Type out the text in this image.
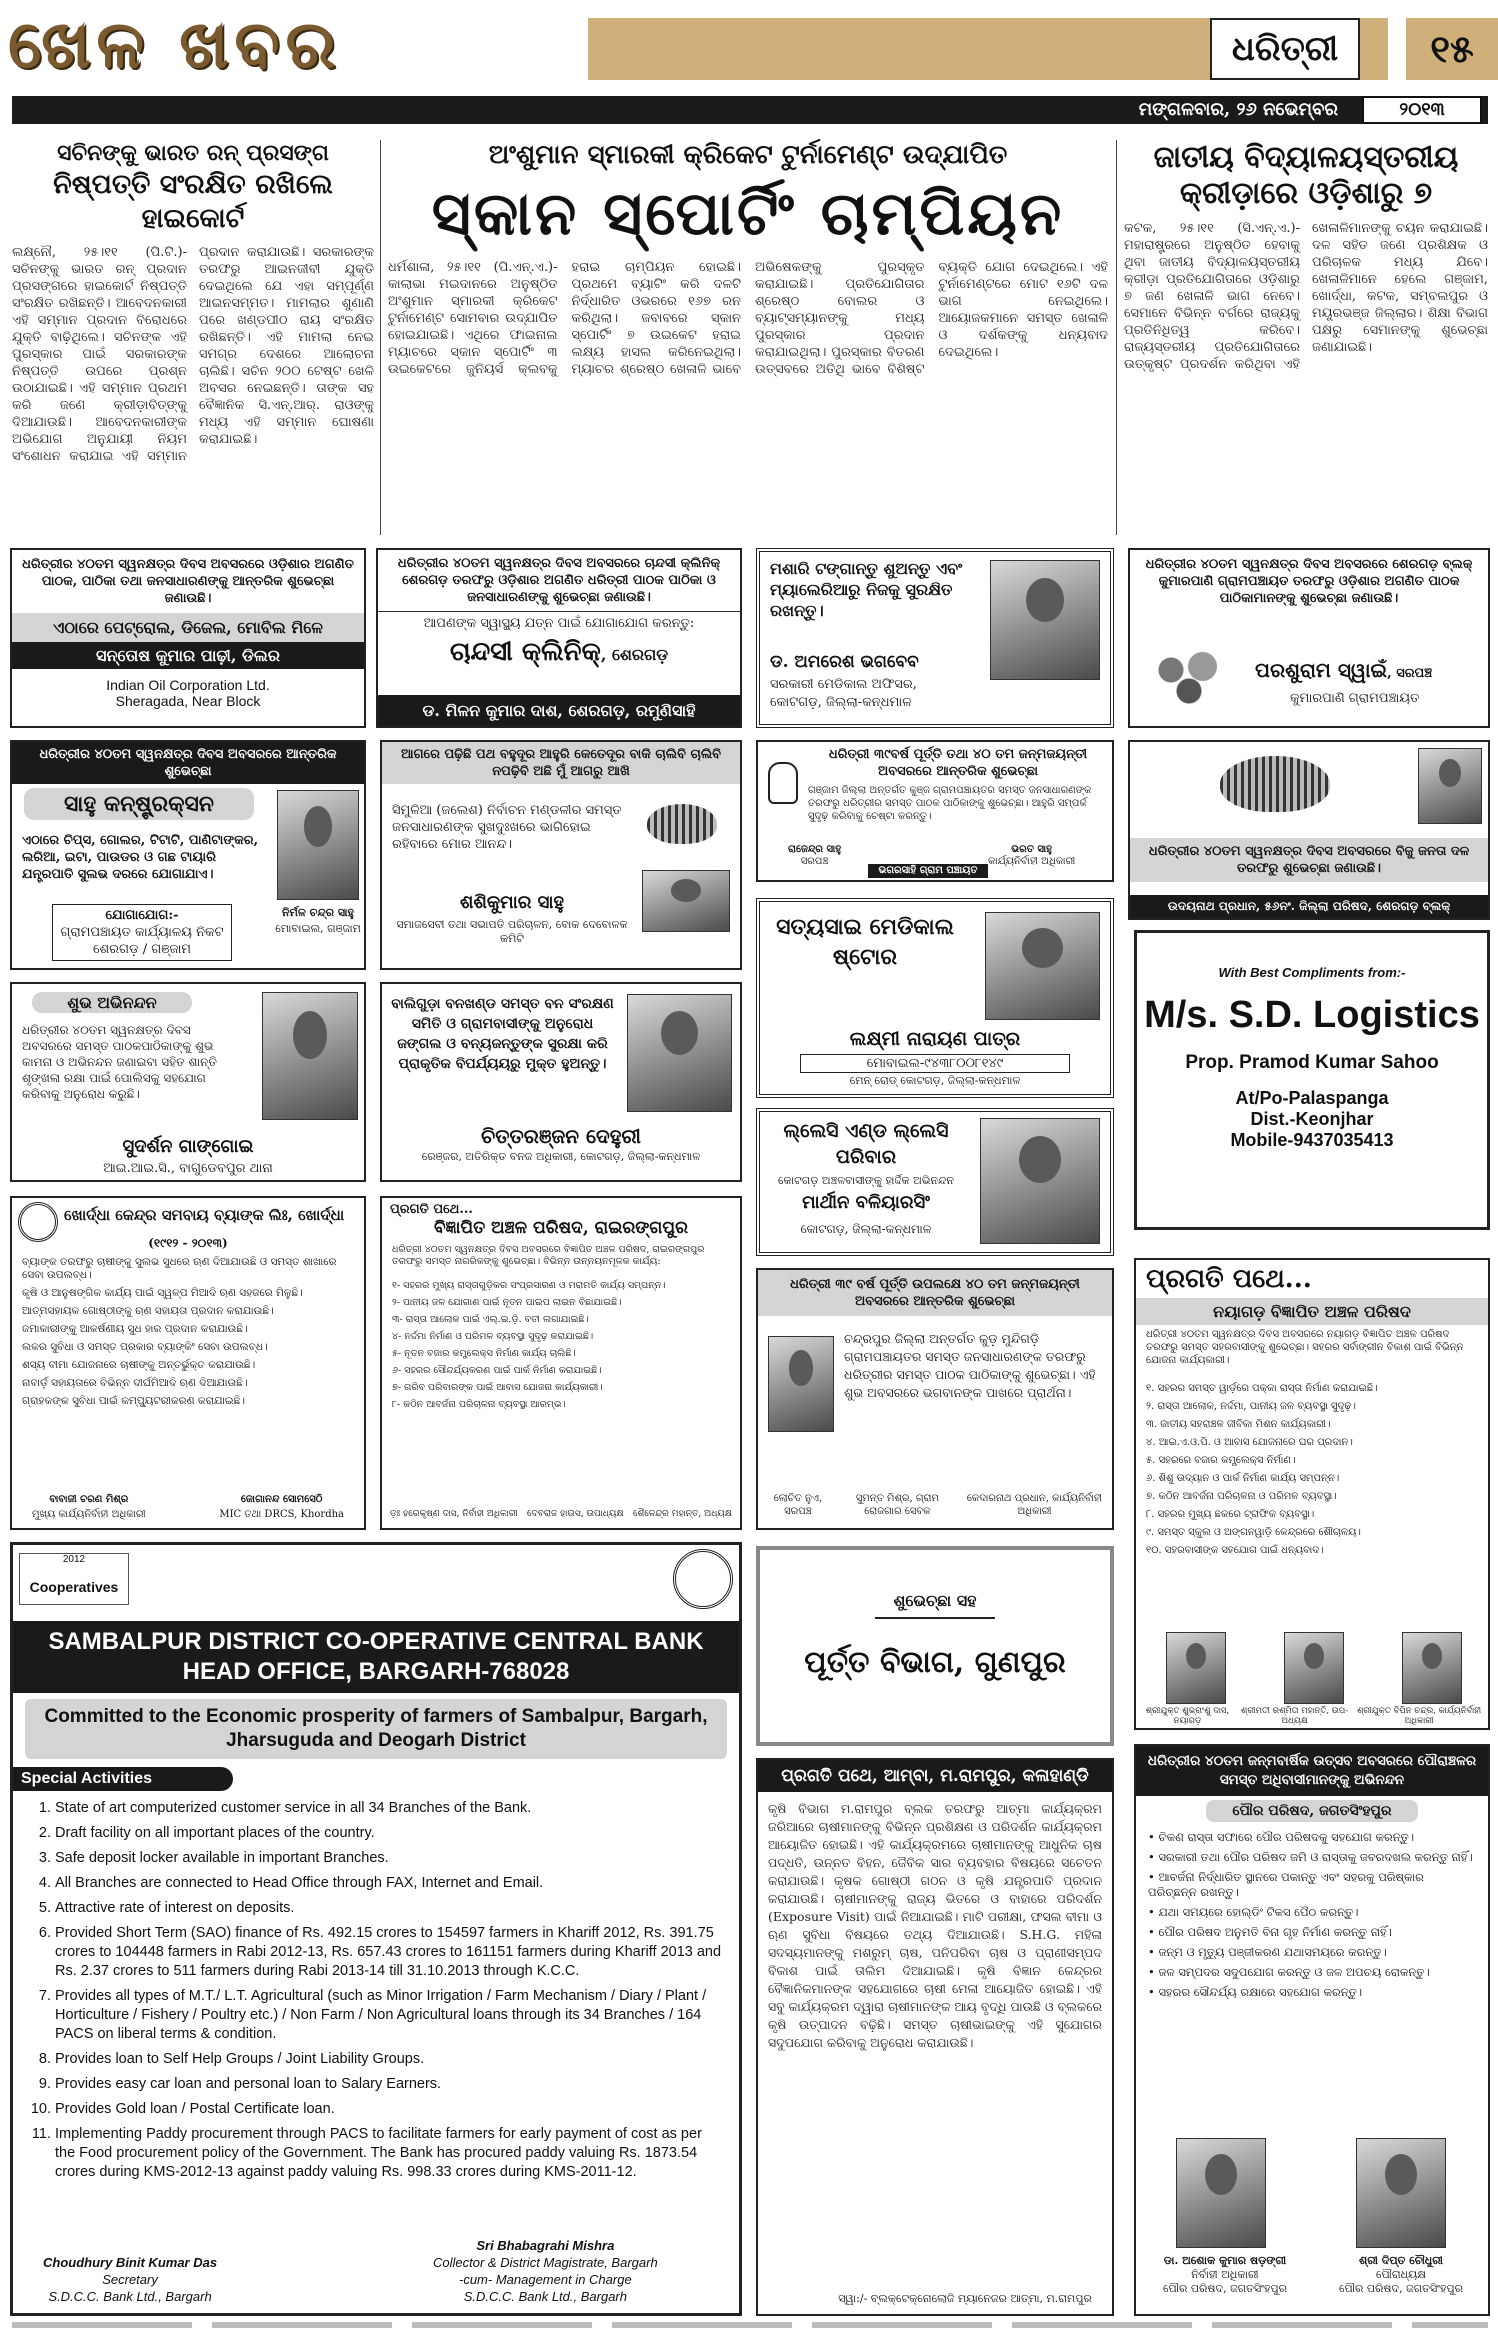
ଖେଳ ଖବର	ଧରିତ୍ରୀ	୧୫
ମଙ୍ଗଳବାର, ୨୬ ନଭେମ୍ବର	୨୦୧୩
ସଚିନଙ୍କୁ ଭାରତ ରନ୍ ପ୍ରସଙ୍ଗ
ନିଷ୍ପତ୍ତି ସଂରକ୍ଷିତ ରଖିଲେ ହାଇକୋର୍ଟ
ଲକ୍ଷ୍ନୌ, ୨୫।୧୧ (ପି.ଟି.)- ସଚିନଙ୍କୁ ଭାରତ ରନ୍ ପ୍ରଦାନ ପ୍ରସଙ୍ଗରେ ହାଇକୋର୍ଟ ନିଷ୍ପତ୍ତି ସଂରକ୍ଷିତ ରଖିଛନ୍ତି। ଆବେଦନକାରୀ ଏହି ସମ୍ମାନ ପ୍ରଦାନ ବିରୋଧରେ ଯୁକ୍ତି ବାଢ଼ିଥିଲେ। ସଚିନଙ୍କ ଏହି ପୁରସ୍କାର ପାଇଁ ସରକାରଙ୍କ ନିଷ୍ପତ୍ତି ଉପରେ ପ୍ରଶ୍ନ ଉଠାଯାଇଛି। ଏହି ସମ୍ମାନ ପ୍ରଥମ କରି ଜଣେ କ୍ରୀଡ଼ାବିତ୍‌ଙ୍କୁ ଦିଆଯାଉଛି। ଆବେଦନକାରୀଙ୍କ ଅଭିଯୋଗ ଅନୁଯାୟୀ ନିୟମ ସଂଶୋଧନ କରାଯାଇ ଏହି ସମ୍ମାନ ପ୍ରଦାନ କରାଯାଉଛି। ସରକାରଙ୍କ ତରଫରୁ ଆଇନଜୀବୀ ଯୁକ୍ତି ଦେଇଥିଲେ ଯେ ଏହା ସମ୍ପୂର୍ଣ୍ଣ ଆଇନସମ୍ମତ। ମାମଲାର ଶୁଣାଣି ପରେ ଖଣ୍ଡପୀଠ ରାୟ ସଂରକ୍ଷିତ ରଖିଛନ୍ତି। ଏହି ମାମଲା ନେଇ ସମଗ୍ର ଦେଶରେ ଆଲୋଚନା ଚାଲିଛି। ସଚିନ ୨୦୦ ଟେଷ୍ଟ ଖେଳି ଅବସର ନେଇଛନ୍ତି। ତାଙ୍କ ସହ ବୈଜ୍ଞାନିକ ସି.ଏନ୍.ଆର୍. ରାଓଙ୍କୁ ମଧ୍ୟ ଏହି ସମ୍ମାନ ଘୋଷଣା କରାଯାଇଛି।
ଅଂଶୁମାନ ସ୍ମାରକୀ କ୍ରିକେଟ ଟୁର୍ନାମେଣ୍ଟ ଉଦ୍‌ଯାପିତ
ସ୍କାନ ସ୍ପୋର୍ଟିଂ ଚାମ୍ପିୟନ
ଧର୍ମଶାଳା, ୨୫।୧୧ (ପି.ଏନ୍.ଏ.)- କାଲାଭା ମଇଦାନରେ ଅନୁଷ୍ଠିତ ଅଂଶୁମାନ ସ୍ମାରକୀ କ୍ରିକେଟ ଟୁର୍ନାମେଣ୍ଟ ସୋମବାର ଉଦ୍‌ଯାପିତ ହୋଇଯାଇଛି। ଏଥିରେ ଫାଇନାଲ ମ୍ୟାଚରେ ସ୍କାନ ସ୍ପୋର୍ଟିଂ ୩ ଉଇକେଟରେ ଜୁନିୟର୍ସ କ୍ଲବକୁ ହରାଇ ଚାମ୍ପିୟନ ହୋଇଛି। ପ୍ରଥମେ ବ୍ୟାଟିଂ କରି ଦଳଟି ନିର୍ଦ୍ଧାରିତ ଓଭରରେ ୧୬୭ ରନ କରିଥିଲା। ଜବାବରେ ସ୍କାନ ସ୍ପୋର୍ଟିଂ ୭ ଉଇକେଟ ହରାଇ ଲକ୍ଷ୍ୟ ହାସଲ କରିନେଇଥିଲା। ମ୍ୟାଚର ଶ୍ରେଷ୍ଠ ଖେଳାଳି ଭାବେ ଅଭିଷେକଙ୍କୁ ପୁରସ୍କୃତ କରାଯାଇଛି। ପ୍ରତିଯୋଗିତାର ଶ୍ରେଷ୍ଠ ବୋଲର ଓ ବ୍ୟାଟ୍ସମ୍ୟାନଙ୍କୁ ମଧ୍ୟ ପୁରସ୍କାର ପ୍ରଦାନ କରାଯାଇଥିଲା। ପୁରସ୍କାର ବିତରଣ ଉତ୍ସବରେ ଅତିଥି ଭାବେ ବିଶିଷ୍ଟ ବ୍ୟକ୍ତି ଯୋଗ ଦେଇଥିଲେ। ଏହି ଟୁର୍ନାମେଣ୍ଟରେ ମୋଟ ୧୬ଟି ଦଳ ଭାଗ ନେଇଥିଲେ। ଆୟୋଜକମାନେ ସମସ୍ତ ଖେଳାଳି ଓ ଦର୍ଶକଙ୍କୁ ଧନ୍ୟବାଦ ଦେଇଥିଲେ।
ଜାତୀୟ ବିଦ୍ୟାଳୟସ୍ତରୀୟ
କ୍ରୀଡ଼ାରେ ଓଡ଼ିଶାରୁ ୭
କଟକ, ୨୫।୧୧ (ସି.ଏନ୍.ଏ.)- ମହାରାଷ୍ଟ୍ରରେ ଅନୁଷ୍ଠିତ ହେବାକୁ ଥିବା ଜାତୀୟ ବିଦ୍ୟାଳୟସ୍ତରୀୟ କ୍ରୀଡ଼ା ପ୍ରତିଯୋଗିତାରେ ଓଡ଼ିଶାରୁ ୭ ଜଣ ଖେଳାଳି ଭାଗ ନେବେ। ସେମାନେ ବିଭିନ୍ନ ବର୍ଗରେ ରାଜ୍ୟକୁ ପ୍ରତିନିଧିତ୍ୱ କରିବେ। ରାଜ୍ୟସ୍ତରୀୟ ପ୍ରତିଯୋଗିତାରେ ଉତ୍କୃଷ୍ଟ ପ୍ରଦର୍ଶନ କରିଥିବା ଏହି ଖେଳାଳିମାନଙ୍କୁ ଚୟନ କରାଯାଇଛି। ଦଳ ସହିତ ଜଣେ ପ୍ରଶିକ୍ଷକ ଓ ପରିଚାଳକ ମଧ୍ୟ ଯିବେ। ଖେଳାଳିମାନେ ହେଲେ ଗଞ୍ଜାମ, ଖୋର୍ଦ୍ଧା, କଟକ, ସମ୍ବଲପୁର ଓ ମୟୂରଭଞ୍ଜ ଜିଲ୍ଲାର। ଶିକ୍ଷା ବିଭାଗ ପକ୍ଷରୁ ସେମାନଙ୍କୁ ଶୁଭେଚ୍ଛା ଜଣାଯାଇଛି।
ଧରିତ୍ରୀର ୪୦ତମ ସ୍ୱନକ୍ଷତ୍ର ଦିବସ ଅବସରରେ ଓଡ଼ିଶାର ଅଗଣିତ ପାଠକ, ପାଠିକା ତଥା ଜନସାଧାରଣଙ୍କୁ ଆନ୍ତରିକ ଶୁଭେଚ୍ଛା ଜଣାଉଛି।
ଏଠାରେ ପେଟ୍ରୋଲ, ଡିଜେଲ, ମୋବିଲ ମିଳେ
ସନ୍ତୋଷ କୁମାର ପାଢ଼ୀ, ଡିଲର
Indian Oil Corporation Ltd.
Sheragada, Near Block
ଧରିତ୍ରୀର ୪୦ତମ ସ୍ୱନକ୍ଷତ୍ର ଦିବସ ଅବସରରେ ଚାନ୍ଦସୀ କ୍ଲିନିକ୍ ଶେରଗଡ଼ ତରଫରୁ ଓଡ଼ିଶାର ଅଗଣିତ ଧରିତ୍ରୀ ପାଠକ ପାଠିକା ଓ ଜନସାଧାରଣଙ୍କୁ ଶୁଭେଚ୍ଛା ଜଣାଉଛି।
ଆପଣଙ୍କ ସ୍ୱାସ୍ଥ୍ୟ ଯତ୍ନ ପାଇଁ ଯୋଗାଯୋଗ କରନ୍ତୁ:
ଚାନ୍ଦସୀ କ୍ଲିନିକ୍, ଶେରଗଡ଼
ଡ. ମିଳନ କୁମାର ଦାଶ, ଶେରଗଡ଼, ରମୁଣିସାହି
ମଶାରି ଟଙ୍ଗାନ୍ତୁ ଶୁଅନ୍ତୁ ଏବଂ ମ୍ୟାଲେରିଆରୁ ନିଜକୁ ସୁରକ୍ଷିତ ରଖନ୍ତୁ।
ଡ. ଅମରେଶ ଭଗବେବ
ସରକାରୀ ମେଡିକାଲ ଅଫିସର,
କୋଟଗଡ଼, ଜିଲ୍ଲା-କନ୍ଧମାଳ
ଧରିତ୍ରୀର ୪୦ତମ ସ୍ୱନକ୍ଷତ୍ର ଦିବସ ଅବସରରେ ଶେରଗଡ଼ ବ୍ଲକ୍ କୁମାରପାଣି ଗ୍ରାମପଞ୍ଚାୟତ ତରଫରୁ ଓଡ଼ିଶାର ଅଗଣିତ ପାଠକ ପାଠିକାମାନଙ୍କୁ ଶୁଭେଚ୍ଛା ଜଣାଉଛି।
ପରଶୁରାମ ସ୍ୱାଇଁ, ସରପଞ୍ଚ
କୁମାରପାଣି ଗ୍ରାମପଞ୍ଚାୟତ
ଧରିତ୍ରୀର ୪୦ତମ ସ୍ୱନକ୍ଷତ୍ର ଦିବସ ଅବସରରେ ଆନ୍ତରିକ ଶୁଭେଚ୍ଛା
ସାହୁ କନ୍‌ଷ୍ଟ୍ରକ୍‌ସନ
ଏଠାରେ ଚିପ୍‌ସ, ଗୋଲର, ଟିଟାଟି, ପାଣିଟାଙ୍କର, ଲରିଆ, ଇଟା, ପାଉଡର ଓ ଗଛ ଟାୟାରି ଯନ୍ତ୍ରପାତି ସୁଲଭ ଦରରେ ଯୋଗାଯାଏ।
ଯୋଗାଯୋଗ:-
ଗ୍ରାମପଞ୍ଚାୟତ କାର୍ଯ୍ୟାଳୟ ନିକଟ ଶେରଗଡ଼ / ଗଞ୍ଜାମ
ନିର୍ମଳ ଚନ୍ଦ୍ର ସାହୁ
ମୋବାଇଲ, ଗଞ୍ଜାମ
ଆଗରେ ପଢ଼ିଛି ପଥ ବହୁଦୂର ଆହୁରି କେତେଦୂର ବାକି ଚାଲିବି ଚାଲିବି ନପଢ଼ିବି ଅଛି ମୁଁ ଆଗରୁ ଆଖି
ସିମୁଳିଆ (ଜଲେଶ) ନିର୍ବାଚନ ମଣ୍ଡଳୀର ସମସ୍ତ ଜନସାଧାରଣଙ୍କ ସୁଖଦୁଃଖରେ ଭାଗିହୋଇ ରହିବାରେ ମୋର ଆନନ୍ଦ।
ଶଶିକୁମାର ସାହୁ
ସମାଜସେବୀ ତଥା ସଭାପତି ପରିଚାଳନ, ବୋକ ଦେବୋଳକ କମିଟି
ଧରିତ୍ରୀ ୩୯ବର୍ଷ ପୂର୍ତ୍ତି ତଥା ୪୦ ତମ ଜନ୍ମଜୟନ୍ତୀ ଅବସରରେ ଆନ୍ତରିକ ଶୁଭେଚ୍ଛା
ଗଞ୍ଜାମ ଜିଲ୍ଲା ଅନ୍ତର୍ଗତ କୁଞ୍ଜ ଗ୍ରାମପଞ୍ଚାୟତର ସମସ୍ତ ଜନସାଧାରଣଙ୍କ ତରଫରୁ ଧରିତ୍ରୀର ସମସ୍ତ ପାଠକ ପାଠିକାଙ୍କୁ ଶୁଭେଚ୍ଛା। ଆହୁରି ସମ୍ପର୍କ ସୁଦୃଢ଼ କରିବାକୁ ଚେଷ୍ଟା କରନ୍ତୁ।
ରାଜେନ୍ଦ୍ର ସାହୁ
ସରପଞ୍ଚ
ଭରତ ସାହୁ
କାର୍ଯ୍ୟନିର୍ବାହୀ ଅଧିକାରୀ
ଭଗରସାହି ଗ୍ରାମ ପଞ୍ଚାୟତ
ଧରିତ୍ରୀର ୪୦ତମ ସ୍ୱନକ୍ଷତ୍ର ଦିବସ ଅବସରରେ ବିଜୁ ଜନତା ଦଳ ତରଫରୁ ଶୁଭେଚ୍ଛା ଜଣାଉଛି।
ଉଦୟନାଥ ପ୍ରଧାନ, ୫୬ନଂ. ଜିଲ୍ଲା ପରିଷଦ, ଶେରଗଡ଼ ବ୍ଲକ୍
ସତ୍ୟସାଇ ମେଡିକାଲ ଷ୍ଟୋର
ଲକ୍ଷ୍ମୀ ନାରାୟଣ ପାତ୍ର
ମୋବାଇଲ-୯୪୩୮୦୦୮୧୪୯
ମେନ୍ ରୋଡ୍ କୋଟଗଡ଼, ଜିଲ୍ଲା-କନ୍ଧମାଳ
With Best Compliments from:-
M/s. S.D. Logistics
Prop. Pramod Kumar Sahoo
At/Po-Palaspanga
Dist.-Keonjhar
Mobile-9437035413
ଶୁଭ ଅଭିନନ୍ଦନ
ଧରିତ୍ରୀର ୪୦ତମ ସ୍ୱନକ୍ଷତ୍ର ଦିବସ ଅବସରରେ ସମସ୍ତ ପାଠକପାଠିକାଙ୍କୁ ଶୁଭ କାମନା ଓ ଅଭିନନ୍ଦନ ଜଣାଇବା ସହିତ ଶାନ୍ତି ଶୃଙ୍ଖଳା ରକ୍ଷା ପାଇଁ ପୋଲିସକୁ ସହଯୋଗ କରିବାକୁ ଅନୁରୋଧ କରୁଛି।
ସୁଦର୍ଶନ ଗାଙ୍ଗୋଇ
ଆଇ.ଆଇ.ସି., ବାଗୁଡେବପୁର ଥାନା
ବାଲିଗୁଡ଼ା ବନଖଣ୍ଡ ସମସ୍ତ ବନ ସଂରକ୍ଷଣ ସମିତି ଓ ଗ୍ରାମବାସୀଙ୍କୁ ଅନୁରୋଧ ଜଙ୍ଗଲ ଓ ବନ୍ୟଜନ୍ତୁଙ୍କ ସୁରକ୍ଷା କରି ପ୍ରାକୃତିକ ବିପର୍ଯ୍ୟୟରୁ ମୁକ୍ତ ହୁଅନ୍ତୁ।
ଚିତ୍ତରଞ୍ଜନ ଦେହୁରୀ
ରେଞ୍ଜର, ଅତିରିକ୍ତ ବନଜ ଅଧିକାରୀ, କୋଟଗଡ଼, ଜିଲ୍ଲା-କନ୍ଧମାଳ
ଲ୍ଲେସି ଏଣ୍ଡ ଲ୍ଲେସି ପରିବାର
କୋଟଗଡ଼ ଅଞ୍ଚଳବାସୀଙ୍କୁ ହାର୍ଦ୍ଦିକ ଅଭିନନ୍ଦନ
ମାର୍ଥୀନ ବଳିୟାରସିଂ
କୋଟଗଡ଼, ଜିଲ୍ଲା-କନ୍ଧମାଳ
ଖୋର୍ଦ୍ଧା କେନ୍ଦ୍ର ସମବାୟ ବ୍ୟାଙ୍କ ଲିଃ, ଖୋର୍ଦ୍ଧା
(୧୯୧୨ - ୨୦୧୩)
ବ୍ୟାଙ୍କ ତରଫରୁ ଚାଷୀଙ୍କୁ ସୁଲଭ ସୁଧରେ ଋଣ ଦିଆଯାଉଛି ଓ ସମସ୍ତ ଶାଖାରେ ସେବା ଉପଲବ୍ଧ।
କୃଷି ଓ ଆନୁଷଙ୍ଗିକ କାର୍ଯ୍ୟ ପାଇଁ ସ୍ୱଳ୍ପ ମିଆଦି ଋଣ ସହଜରେ ମିଳୁଛି।
ଆତ୍ମସହାୟକ ଗୋଷ୍ଠୀଙ୍କୁ ଋଣ ସହାୟତା ପ୍ରଦାନ କରାଯାଉଛି।
ଜମାକାରୀଙ୍କୁ ଆକର୍ଷଣୀୟ ସୁଧ ହାର ପ୍ରଦାନ କରାଯାଉଛି।
ଲକର ସୁବିଧା ଓ ସମସ୍ତ ପ୍ରକାର ବ୍ୟାଙ୍କିଂ ସେବା ଉପଲବ୍ଧ।
ଶସ୍ୟ ବୀମା ଯୋଜନାରେ ଚାଷୀଙ୍କୁ ଅନ୍ତର୍ଭୁକ୍ତ କରାଯାଉଛି।
ନାବାର୍ଡ଼ ସହାୟତାରେ ବିଭିନ୍ନ ଦୀର୍ଘମିଆଦି ଋଣ ଦିଆଯାଉଛି।
ଗ୍ରାହକଙ୍କ ସୁବିଧା ପାଇଁ କମ୍ପ୍ୟୁଟରୀକରଣ କରାଯାଇଛି।
ବାବାଜୀ ଚରଣ ମିଶ୍ର
ମୁଖ୍ୟ କାର୍ଯ୍ୟନିର୍ବାହୀ ଅଧିକାରୀ
ଜୋଗାନନ୍ଦ ସୋମସେଠି
MIC ତଥା DRCS, Khordha
ପ୍ରଗତି ପଥେ...
ବିଜ୍ଞାପିତ ଅଞ୍ଚଳ ପରିଷଦ, ରାଇରଙ୍ଗପୁର
ଧରିତ୍ରୀ ୪୦ତମ ସ୍ୱନକ୍ଷତ୍ର ଦିବସ ଅବସରରେ ବିଜ୍ଞାପିତ ଅଞ୍ଚଳ ପରିଷଦ, ରାଇରଙ୍ଗପୁର ତରଫରୁ ସମସ୍ତ ନାଗରିକଙ୍କୁ ଶୁଭେଚ୍ଛା। ବିଭିନ୍ନ ଉନ୍ନୟନମୂଳକ କାର୍ଯ୍ୟ:
୧- ସହରର ମୁଖ୍ୟ ରାସ୍ତାଗୁଡ଼ିକର ସଂପ୍ରସାରଣ ଓ ମରାମତି କାର୍ଯ୍ୟ ସମ୍ପନ୍ନ।
୨- ପାନୀୟ ଜଳ ଯୋଗାଣ ପାଇଁ ନୂତନ ପାଇପ ଲାଇନ ବିଛାଯାଇଛି।
୩- ରାସ୍ତା ଆଲୋକ ପାଇଁ ଏଲ୍.ଇ.ଡ଼ି. ବତୀ ଲଗାଯାଇଛି।
୪- ନର୍ଦ୍ଦମା ନିର୍ମାଣ ଓ ପରିମଳ ବ୍ୟବସ୍ଥା ସୁଦୃଢ଼ କରାଯାଇଛି।
୫- ନୂତନ ବଜାର କମ୍ପ୍ଲେକ୍ସ ନିର୍ମାଣ କାର୍ଯ୍ୟ ଚାଲିଛି।
୬- ସହରର ସୌନ୍ଦର୍ଯ୍ୟକରଣ ପାଇଁ ପାର୍କ ନିର୍ମାଣ କରାଯାଇଛି।
୭- ଗରିବ ପରିବାରଙ୍କ ପାଇଁ ଆବାସ ଯୋଜନା କାର୍ଯ୍ୟକାରୀ।
୮- କଠିନ ଆବର୍ଜନା ପରିଚାଳନା ବ୍ୟବସ୍ଥା ଆରମ୍ଭ।
ଡ଼ଃ ହରେକୃଷ୍ଣ ଦାସ, ନିର୍ବାହୀ ଅଧିକାରୀ ଦେବରାଜ ହାଉସ, ଉପାଧ୍ୟକ୍ଷ ଶୈଳେନ୍ଦ୍ର ମହାନ୍ତ, ଅଧ୍ୟକ୍ଷ
ଧରିତ୍ରୀ ୩୯ ବର୍ଷ ପୂର୍ତ୍ତି ଉପଲକ୍ଷେ ୪୦ ତମ ଜନ୍ମଜୟନ୍ତୀ ଅବସରରେ ଆନ୍ତରିକ ଶୁଭେଚ୍ଛା
ଚନ୍ଦ୍ରପୁର ଜିଲ୍ଲା ଅନ୍ତର୍ଗତ କୁଡ଼ ମୁନ୍ଦିଗଡ଼ି ଗ୍ରାମପଞ୍ଚାୟତର ସମସ୍ତ ଜନସାଧାରଣଙ୍କ ତରଫରୁ ଧରିତ୍ରୀର ସମସ୍ତ ପାଠକ ପାଠିକାଙ୍କୁ ଶୁଭେଚ୍ଛା। ଏହି ଶୁଭ ଅବସରରେ ଭଗବାନଙ୍କ ପାଖରେ ପ୍ରାର୍ଥନା।
ଲୋଚିତ ନୁଏ, ସରପଞ୍ଚ
ସୁମନ୍ତ ମିଶ୍ର, ଗ୍ରାମ ରୋଜଗାର ସେବକ
କେଦାରନାଥ ପ୍ରଧାନ, କାର୍ଯ୍ୟନିର୍ବାହୀ ଅଧିକାରୀ
ପ୍ରଗତି ପଥେ...
ନୟାଗଡ଼ ବିଜ୍ଞାପିତ ଅଞ୍ଚଳ ପରିଷଦ
ଧରିତ୍ରୀ ୪୦ତମ ସ୍ୱନକ୍ଷତ୍ର ଦିବସ ଅବସରରେ ନୟାଗଡ଼ ବିଜ୍ଞାପିତ ଅଞ୍ଚଳ ପରିଷଦ ତରଫରୁ ସମସ୍ତ ସହରବାସୀଙ୍କୁ ଶୁଭେଚ୍ଛା। ସହରର ସର୍ବାଙ୍ଗୀନ ବିକାଶ ପାଇଁ ବିଭିନ୍ନ ଯୋଜନା କାର୍ଯ୍ୟକାରୀ।
୧. ସହରର ସମସ୍ତ ୱାର୍ଡ଼ରେ ପକ୍କା ରାସ୍ତା ନିର୍ମାଣ କରାଯାଇଛି।
୨. ରାସ୍ତା ଆଲୋକ, ନର୍ଦ୍ଦମା, ପାନୀୟ ଜଳ ବ୍ୟବସ୍ଥା ସୁଦୃଢ଼।
୩. ଜାତୀୟ ସହରାଞ୍ଚଳ ଜୀବିକା ମିଶନ କାର୍ଯ୍ୟକାରୀ।
୪. ଆଇ.ଏ.ଓ.ପି. ଓ ଆବାସ ଯୋଜନାରେ ଘର ପ୍ରଦାନ।
୫. ସହରରେ ବଜାର କମ୍ପ୍ଲେକ୍ସ ନିର୍ମାଣ।
୬. ଶିଶୁ ଉଦ୍ୟାନ ଓ ପାର୍କ ନିର୍ମାଣ କାର୍ଯ୍ୟ ସମ୍ପନ୍ନ।
୭. କଠିନ ଆବର୍ଜନା ପରିଚାଳନା ଓ ପରିମଳ ବ୍ୟବସ୍ଥା।
୮. ସହରର ମୁଖ୍ୟ ଛକରେ ଟ୍ରାଫିକ ବ୍ୟବସ୍ଥା।
୯. ସମସ୍ତ ସ୍କୁଲ ଓ ଅଙ୍ଗନୱାଡ଼ି କେନ୍ଦ୍ରରେ ଶୌଚାଳୟ।
୧୦. ସହରବାସୀଙ୍କ ସହଯୋଗ ପାଇଁ ଧନ୍ୟବାଦ।
ଶ୍ରୀଯୁକ୍ତ ଶୁଭ୍ରାଂଶୁ ଦାସ, ନୟାଗଡ଼
ଶ୍ରୀମତୀ ରଶ୍ମିତା ମହାନ୍ତି, ଉପ-ଅଧ୍ୟକ୍ଷ
ଶ୍ରୀଯୁକ୍ତ ବିପିନ ଚନ୍ଦ୍ର, କାର୍ଯ୍ୟନିର୍ବାହୀ ଅଧିକାରୀ
2012
Cooperatives
SAMBALPUR DISTRICT CO-OPERATIVE CENTRAL BANK
HEAD OFFICE, BARGARH-768028
Committed to the Economic prosperity of farmers of Sambalpur, Bargarh, Jharsuguda and Deogarh District
Special Activities
1. State of art computerized customer service in all 34 Branches of the Bank.
2. Draft facility on all important places of the country.
3. Safe deposit locker available in important Branches.
4. All Branches are connected to Head Office through FAX, Internet and Email.
5. Attractive rate of interest on deposits.
6. Provided Short Term (SAO) finance of Rs. 492.15 crores to 154597 farmers in Khariff 2012, Rs. 391.75 crores to 104448 farmers in Rabi 2012-13, Rs. 657.43 crores to 161151 farmers during Khariff 2013 and Rs. 2.37 crores to 511 farmers during Rabi 2013-14 till 31.10.2013 through K.C.C.
7. Provides all types of M.T./ L.T. Agricultural (such as Minor Irrigation / Farm Mechanism / Diary / Plant / Horticulture / Fishery / Poultry etc.) / Non Farm / Non Agricultural loans through its 34 Branches / 164 PACS on liberal terms & condition.
8. Provides loan to Self Help Groups / Joint Liability Groups.
9. Provides easy car loan and personal loan to Salary Earners.
10. Provides Gold loan / Postal Certificate loan.
11. Implementing Paddy procurement through PACS to facilitate farmers for early payment of cost as per the Food procurement policy of the Government. The Bank has procured paddy valuing Rs. 1873.54 crores during KMS-2012-13 against paddy valuing Rs. 998.33 crores during KMS-2011-12.
Choudhury Binit Kumar Das
Secretary
S.D.C.C. Bank Ltd., Bargarh
Sri Bhabagrahi Mishra
Collector & District Magistrate, Bargarh
-cum- Management in Charge
S.D.C.C. Bank Ltd., Bargarh
ଶୁଭେଚ୍ଛା ସହ
ପୂର୍ତ୍ତ ବିଭାଗ, ଗୁଣପୁର
ପ୍ରଗତି ପଥେ, ଆମ୍ବା, ମ.ରାମପୁର, କଳାହାଣ୍ଡି
କୃଷି ବିଭାଗ ମ.ରାମପୁର ବ୍ଲକ ତରଫରୁ ଆତ୍ମା କାର୍ଯ୍ୟକ୍ରମ ଜରିଆରେ ଚାଷୀମାନଙ୍କୁ ବିଭିନ୍ନ ପ୍ରଶିକ୍ଷଣ ଓ ପରିଦର୍ଶନ କାର୍ଯ୍ୟକ୍ରମ ଆୟୋଜିତ ହୋଇଛି। ଏହି କାର୍ଯ୍ୟକ୍ରମରେ ଚାଷୀମାନଙ୍କୁ ଆଧୁନିକ ଚାଷ ପଦ୍ଧତି, ଉନ୍ନତ ବିହନ, ଜୈବିକ ସାର ବ୍ୟବହାର ବିଷୟରେ ସଚେତନ କରାଯାଉଛି। କୃଷକ ଗୋଷ୍ଠୀ ଗଠନ ଓ କୃଷି ଯନ୍ତ୍ରପାତି ପ୍ରଦାନ କରାଯାଉଛି। ଚାଷୀମାନଙ୍କୁ ରାଜ୍ୟ ଭିତରେ ଓ ବାହାରେ ପରିଦର୍ଶନ (Exposure Visit) ପାଇଁ ନିଆଯାଇଛି। ମାଟି ପରୀକ୍ଷା, ଫସଲ ବୀମା ଓ ଋଣ ସୁବିଧା ବିଷୟରେ ତଥ୍ୟ ଦିଆଯାଉଛି। S.H.G. ମହିଳା ସଦସ୍ୟମାନଙ୍କୁ ମଶରୁମ୍ ଚାଷ, ପନିପରିବା ଚାଷ ଓ ପ୍ରାଣୀସମ୍ପଦ ବିକାଶ ପାଇଁ ତାଲିମ ଦିଆଯାଇଛି। କୃଷି ବିଜ୍ଞାନ କେନ୍ଦ୍ରର ବୈଜ୍ଞାନିକମାନଙ୍କ ସହଯୋଗରେ ଚାଷୀ ମେଳା ଆୟୋଜିତ ହୋଇଛି। ଏହି ସବୁ କାର୍ଯ୍ୟକ୍ରମ ଦ୍ୱାରା ଚାଷୀମାନଙ୍କ ଆୟ ବୃଦ୍ଧି ପାଉଛି ଓ ବ୍ଲକରେ କୃଷି ଉତ୍ପାଦନ ବଢ଼ିଛି। ସମସ୍ତ ଚାଷୀଭାଇଙ୍କୁ ଏହି ସୁଯୋଗର ସଦୁପଯୋଗ କରିବାକୁ ଅନୁରୋଧ କରାଯାଉଛି।
ସ୍ୱା:/- ବ୍ଲକ୍‌ଟେକ୍ନୋଲୋଜି ମ୍ୟାନେଜର ଆତ୍ମା, ମ.ରାମପୁର
ଧରିତ୍ରୀର ୪୦ତମ ଜନ୍ମବାର୍ଷିକ ଉତ୍ସବ ଅବସରରେ ପୌରାଞ୍ଚଳର ସମସ୍ତ ଅଧିବାସୀମାନଙ୍କୁ ଅଭିନନ୍ଦନ
ପୌର ପରିଷଦ, ଜଗତସିଂହପୁର
• ଚିକଣ ରାସ୍ତା ସଫାରେ ପୌର ପରିଷଦକୁ ସହଯୋଗ କରନ୍ତୁ।
• ସରକାରୀ ତଥା ପୌର ପରିଷଦ ଜମି ଓ ରାସ୍ତାକୁ ଜବରଦଖଲ କରନ୍ତୁ ନାହିଁ।
• ଆବର୍ଜନା ନିର୍ଦ୍ଧାରିତ ସ୍ଥାନରେ ପକାନ୍ତୁ ଏବଂ ସହରକୁ ପରିଷ୍କାର ପରିଚ୍ଛନ୍ନ ରଖନ୍ତୁ।
• ଯଥା ସମୟରେ ହୋଲ୍ଡିଂ ଟିକସ ପୈଠ କରନ୍ତୁ।
• ପୌର ପରିଷଦ ଅନୁମତି ବିନା ଗୃହ ନିର୍ମାଣ କରନ୍ତୁ ନାହିଁ।
• ଜନ୍ମ ଓ ମୃତ୍ୟୁ ପଞ୍ଜୀକରଣ ଯଥାସମୟରେ କରନ୍ତୁ।
• ଜଳ ସମ୍ପଦର ସଦୁପଯୋଗ କରନ୍ତୁ ଓ ଜଳ ଅପଚୟ ରୋକନ୍ତୁ।
• ସହରର ସୌନ୍ଦର୍ଯ୍ୟ ରକ୍ଷାରେ ସହଯୋଗ କରନ୍ତୁ।
ଡା. ଅଶୋକ କୁମାର ଷଡ଼ଙ୍ଗୀ
ନିର୍ବାହୀ ଅଧିକାରୀ
ପୌର ପରିଷଦ, ଜଗତସିଂହପୁର
ଶ୍ରୀ ଦିପ୍ତ ଚୌଧୁରୀ
ପୌରାଧ୍ୟକ୍ଷ
ପୌର ପରିଷଦ, ଜଗତସିଂହପୁର
